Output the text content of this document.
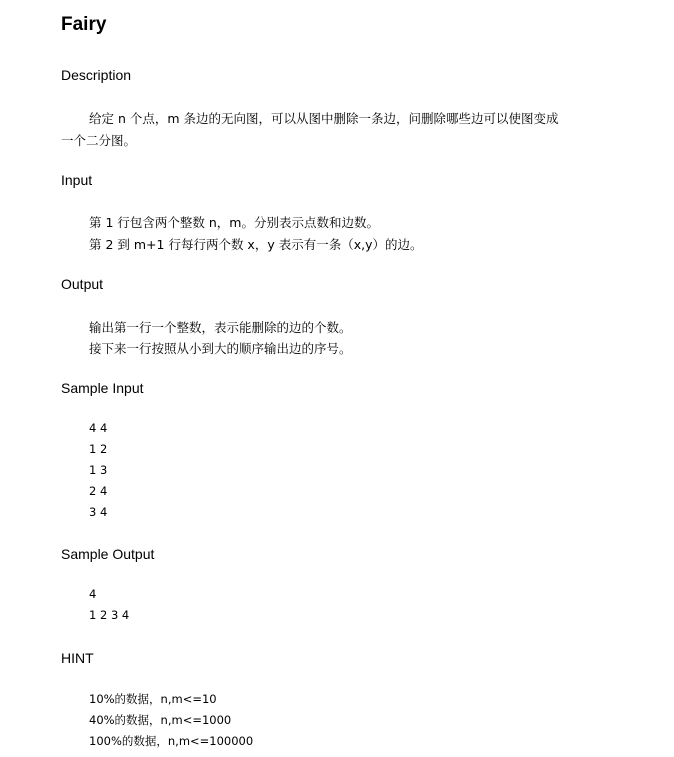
Fairy
Description
给定 n 个点，m 条边的无向图，可以从图中删除一条边，问删除哪些边可以使图变成
一个二分图。
Input
第 1 行包含两个整数 n，m。分别表示点数和边数。
第 2 到 m+1 行每行两个数 x，y 表示有一条（x,y）的边。
Output
输出第一行一个整数，表示能删除的边的个数。
接下来一行按照从小到大的顺序输出边的序号。
Sample Input
4 4
1 2
1 3
2 4
3 4
Sample Output
4
1 2 3 4
HINT
10%的数据，n,m<=10
40%的数据，n,m<=1000
100%的数据，n,m<=100000
